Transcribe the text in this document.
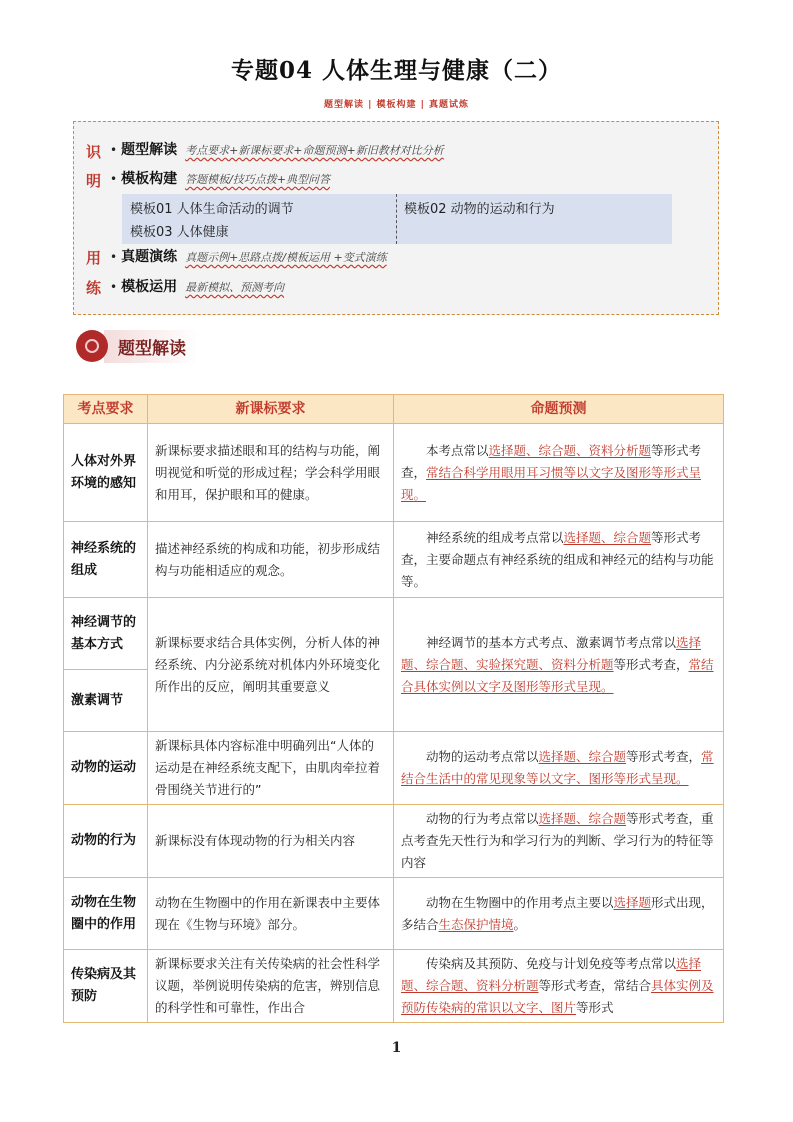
专题04 人体生理与健康（二）
题型解读 | 模板构建 | 真题试炼
识
明
用
练
• 题型解读 考点要求+新课标要求+命题预测+新旧教材对比分析
• 模板构建 答题模板/技巧点拨+典型问答
模板01 人体生命活动的调节	模板02 动物的运动和行为
模板03 人体健康
• 真题演练 真题示例+思路点拨/模板运用 +变式演练
• 模板运用 最新模拟、预测考向
题型解读
考点要求	新课标要求	命题预测
人体对外界环境的感知	新课标要求描述眼和耳的结构与功能，阐明视觉和听觉的形成过程；学会科学用眼和用耳，保护眼和耳的健康。	本考点常以选择题、综合题、资料分析题等形式考查，常结合科学用眼用耳习惯等以文字及图形等形式呈现。
神经系统的组成	描述神经系统的构成和功能，初步形成结构与功能相适应的观念。	神经系统的组成考点常以选择题、综合题等形式考查，主要命题点有神经系统的组成和神经元的结构与功能等。
神经调节的基本方式	新课标要求结合具体实例，分析人体的神经系统、内分泌系统对机体内外环境变化所作出的反应，阐明其重要意义	神经调节的基本方式考点、激素调节考点常以选择题、综合题、实验探究题、资料分析题等形式考查，常结合具体实例以文字及图形等形式呈现。
激素调节		
动物的运动	新课标具体内容标准中明确列出“人体的运动是在神经系统支配下，由肌肉牵拉着骨围绕关节进行的”	动物的运动考点常以选择题、综合题等形式考查，常结合生活中的常见现象等以文字、图形等形式呈现。
动物的行为	新课标没有体现动物的行为相关内容	动物的行为考点常以选择题、综合题等形式考查，重点考查先天性行为和学习行为的判断、学习行为的特征等内容
动物在生物圈中的作用	动物在生物圈中的作用在新课表中主要体现在《生物与环境》部分。	动物在生物圈中的作用考点主要以选择题形式出现，多结合生态保护情境。
传染病及其预防	新课标要求关注有关传染病的社会性科学议题，举例说明传染病的危害，辨别信息的科学性和可靠性，作出合	传染病及其预防、免疫与计划免疫等考点常以选择题、综合题、资料分析题等形式考查，常结合具体实例及预防传染病的常识以文字、图片等形式
1
